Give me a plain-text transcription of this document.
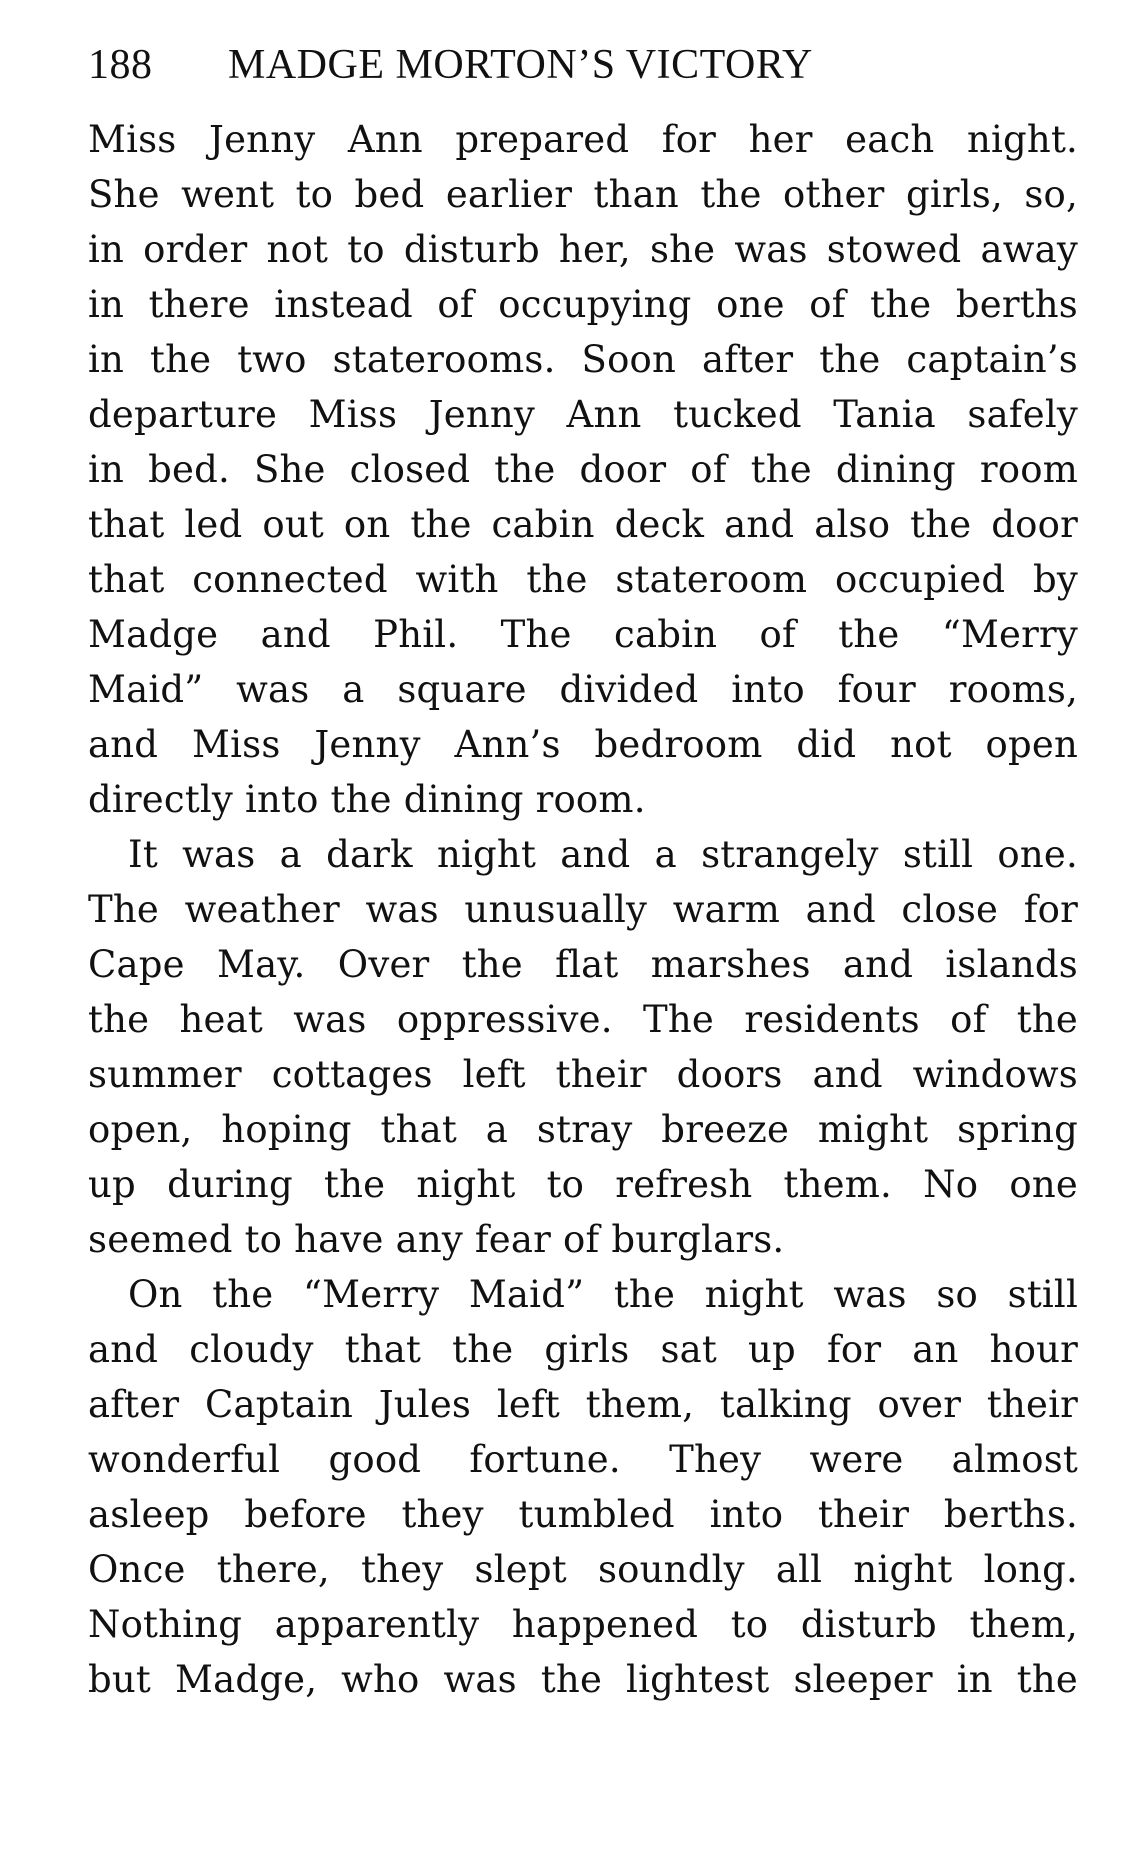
188	MADGE MORTON’S VICTORY
Miss Jenny Ann prepared for her each night.
She went to bed earlier than the other girls, so,
in order not to disturb her, she was stowed away
in there instead of occupying one of the berths
in the two staterooms. Soon after the captain’s
departure Miss Jenny Ann tucked Tania safely
in bed. She closed the door of the dining room
that led out on the cabin deck and also the door
that connected with the stateroom occupied by
Madge and Phil. The cabin of the “Merry
Maid” was a square divided into four rooms,
and Miss Jenny Ann’s bedroom did not open
directly into the dining room.
It was a dark night and a strangely still one.
The weather was unusually warm and close for
Cape May. Over the flat marshes and islands
the heat was oppressive. The residents of the
summer cottages left their doors and windows
open, hoping that a stray breeze might spring
up during the night to refresh them. No one
seemed to have any fear of burglars.
On the “Merry Maid” the night was so still
and cloudy that the girls sat up for an hour
after Captain Jules left them, talking over their
wonderful good fortune. They were almost
asleep before they tumbled into their berths.
Once there, they slept soundly all night long.
Nothing apparently happened to disturb them,
but Madge, who was the lightest sleeper in the
